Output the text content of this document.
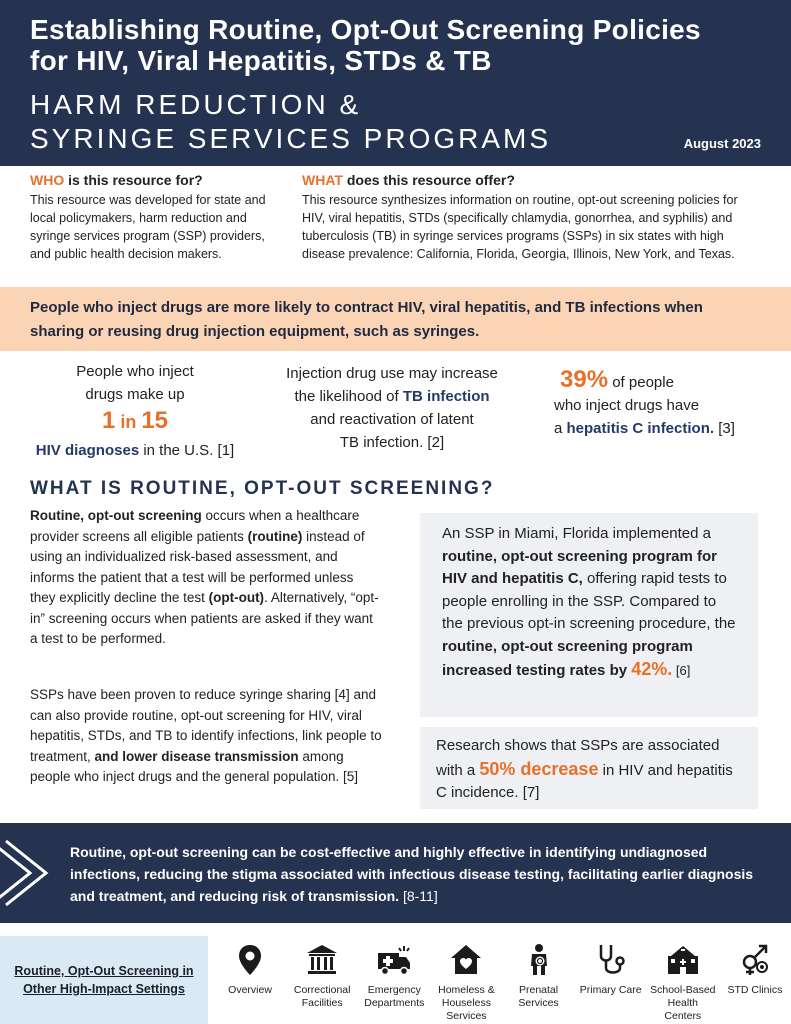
Establishing Routine, Opt-Out Screening Policies for HIV, Viral Hepatitis, STDs & TB
HARM REDUCTION &
SYRINGE SERVICES PROGRAMS	August 2023
WHO is this resource for?
This resource was developed for state and local policymakers, harm reduction and syringe services program (SSP) providers, and public health decision makers.
WHAT does this resource offer?
This resource synthesizes information on routine, opt-out screening policies for HIV, viral hepatitis, STDs (specifically chlamydia, gonorrhea, and syphilis) and tuberculosis (TB) in syringe services programs (SSPs) in six states with high disease prevalence: California, Florida, Georgia, Illinois, New York, and Texas.
People who inject drugs are more likely to contract HIV, viral hepatitis, and TB infections when sharing or reusing drug injection equipment, such as syringes.
People who inject
drugs make up
1 in 15
HIV diagnoses in the U.S. [1]
Injection drug use may increase
the likelihood of TB infection
and reactivation of latent
TB infection. [2]
39% of people
who inject drugs have
a hepatitis C infection. [3]
WHAT IS ROUTINE, OPT-OUT SCREENING?
Routine, opt-out screening occurs when a healthcare provider screens all eligible patients (routine) instead of using an individualized risk-based assessment, and informs the patient that a test will be performed unless they explicitly decline the test (opt-out). Alternatively, “opt-in” screening occurs when patients are asked if they want a test to be performed.
SSPs have been proven to reduce syringe sharing [4] and can also provide routine, opt-out screening for HIV, viral hepatitis, STDs, and TB to identify infections, link people to treatment, and lower disease transmission among people who inject drugs and the general population. [5]
An SSP in Miami, Florida implemented a routine, opt-out screening program for HIV and hepatitis C, offering rapid tests to people enrolling in the SSP. Compared to the previous opt-in screening procedure, the routine, opt-out screening program increased testing rates by 42%. [6]
Research shows that SSPs are associated with a 50% decrease in HIV and hepatitis C incidence. [7]
Routine, opt-out screening can be cost-effective and highly effective in identifying undiagnosed infections, reducing the stigma associated with infectious disease testing, facilitating earlier diagnosis and treatment, and reducing risk of transmission. [8-11]
Routine, Opt-Out Screening in Other High-Impact Settings	Overview	Correctional Facilities
Emergency Departments
Homeless & Houseless Services
Prenatal Services
Primary Care School-Based Health Centers
STD Clinics
